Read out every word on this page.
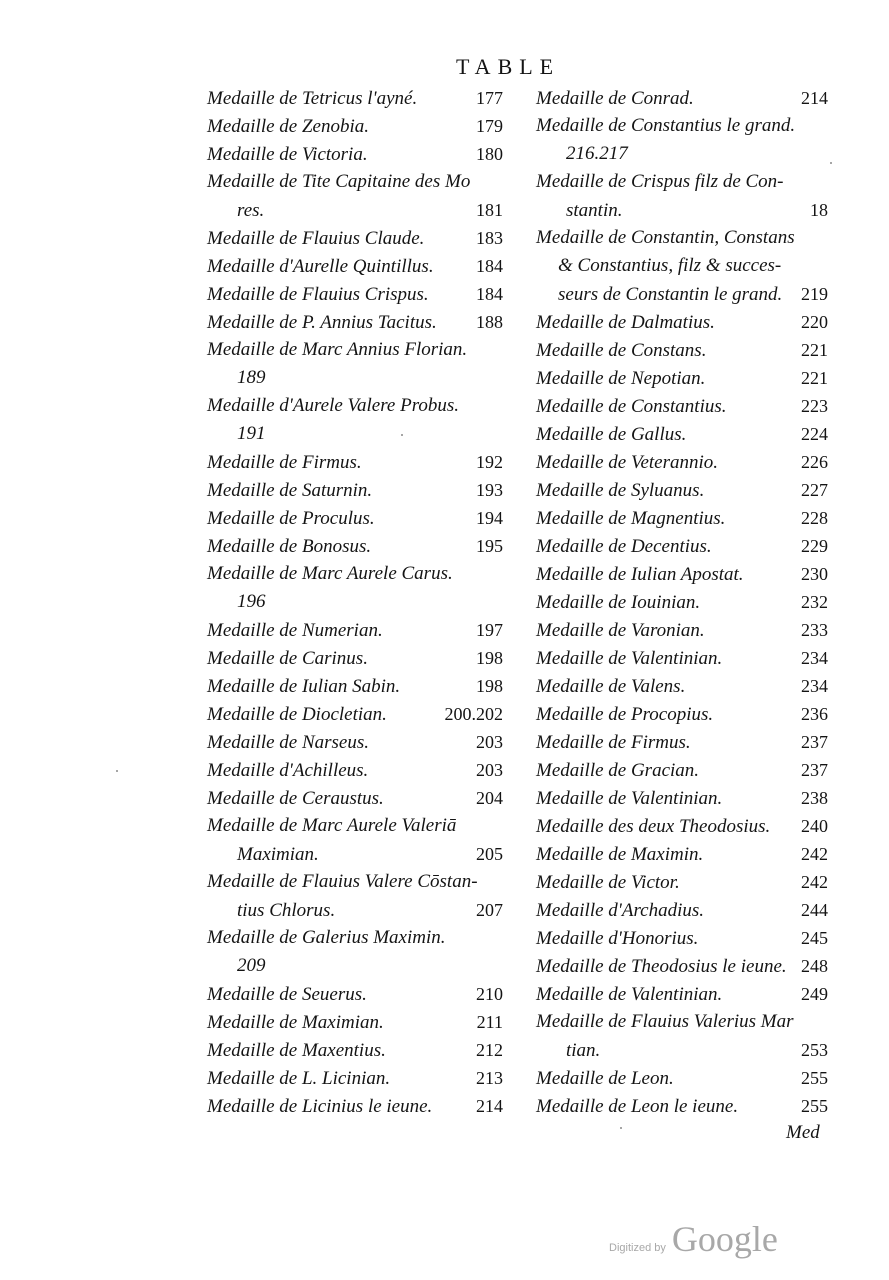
TABLE
Medaille de Tetricus l'ayné.	177
Medaille de Zenobia.	179
Medaille de Victoria.	180
Medaille de Tite Capitaine des Mo
res.	181
Medaille de Flauius Claude.	183
Medaille d'Aurelle Quintillus. 184
Medaille de Flauius Crispus.	184
Medaille de P. Annius Tacitus. 188
Medaille de Marc Annius Florian.
189
Medaille d'Aurele Valere Probus.
191
Medaille de Firmus.	192
Medaille de Saturnin.	193
Medaille de Proculus.	194
Medaille de Bonosus.	195
Medaille de Marc Aurele Carus.
196
Medaille de Numerian.	197
Medaille de Carinus.	198
Medaille de Iulian Sabin.	198
Medaille de Diocletian.	200.202
Medaille de Narseus.	203
Medaille d'Achilleus.	203
Medaille de Ceraustus.	204
Medaille de Marc Aurele Valeriā
Maximian.	205
Medaille de Flauius Valere Cōstan-
tius Chlorus.	207
Medaille de Galerius Maximin.
209
Medaille de Seuerus.	210
Medaille de Maximian.	211
Medaille de Maxentius.	212
Medaille de L. Licinian.	213
Medaille de Licinius le ieune. 214
Medaille de Conrad.	214
Medaille de Constantius le grand.
216.217
Medaille de Crispus filz de Con-
stantin.	18
Medaille de Constantin, Constans
& Constantius, filz & succes-
seurs de Constantin le grand. 219
Medaille de Dalmatius.	220
Medaille de Constans.	221
Medaille de Nepotian.	221
Medaille de Constantius.	223
Medaille de Gallus.	224
Medaille de Veterannio.	226
Medaille de Syluanus.	227
Medaille de Magnentius.	228
Medaille de Decentius.	229
Medaille de Iulian Apostat.	230
Medaille de Iouinian.	232
Medaille de Varonian.	233
Medaille de Valentinian.	234
Medaille de Valens.	234
Medaille de Procopius.	236
Medaille de Firmus.	237
Medaille de Gracian.	237
Medaille de Valentinian.	238
Medaille des deux Theodosius. 240
Medaille de Maximin.	242
Medaille de Victor.	242
Medaille d'Archadius.	244
Medaille d'Honorius.	245
Medaille de Theodosius le ieune. 248
Medaille de Valentinian.	249
Medaille de Flauius Valerius Mar
tian.	253
Medaille de Leon.	255
Medaille de Leon le ieune.	255
Med
Digitized by Google
